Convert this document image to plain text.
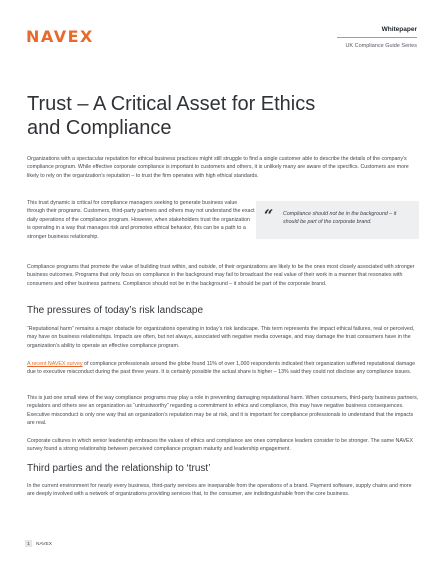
NAVEX	Whitepaper
UK Compliance Guide Series
Trust – A Critical Asset for Ethics and Compliance

Organizations with a spectacular reputation for ethical business practices might still struggle to find a single customer able to describe the details of the company’s compliance program. While effective corporate compliance is important to customers and others, it is unlikely many are aware of the specifics. Customers are more likely to rely on the organization’s reputation – to trust the firm operates with high ethical standards.

This trust dynamic is critical for compliance managers seeking to generate business value through their programs. Customers, third-party partners and others may not understand the exact daily operations of the compliance program. However, when stakeholders trust the organization is operating in a way that manages risk and promotes ethical behavior, this can be a path to a stronger business relationship.

“ Compliance should not be in the background – it should be part of the corporate brand.

Compliance programs that promote the value of building trust within, and outside, of their organizations are likely to be the ones most closely associated with stronger business outcomes. Programs that only focus on compliance in the background may fail to broadcast the real value of their work in a manner that resonates with consumers and other business partners. Compliance should not be in the background – it should be part of the corporate brand.

The pressures of today’s risk landscape

“Reputational harm” remains a major obstacle for organizations operating in today’s risk landscape. This term represents the impact ethical failures, real or perceived, may have on business relationships. Impacts are often, but not always, associated with negative media coverage, and may damage the trust consumers have in the organization’s ability to operate an effective compliance program.

A recent NAVEX survey of compliance professionals around the globe found 11% of over 1,000 respondents indicated their organization suffered reputational damage due to executive misconduct during the past three years. It is certainly possible the actual share is higher – 13% said they could not disclose any compliance issues.

This is just one small view of the way compliance programs may play a role in preventing damaging reputational harm. When consumers, third-party business partners, regulators and others see an organization as “untrustworthy” regarding a commitment to ethics and compliance, this may have negative business consequences. Executive misconduct is only one way that an organization’s reputation may be at risk, and it is important for compliance professionals to understand that the impacts are real.

Corporate cultures in which senior leadership embraces the values of ethics and compliance are ones compliance leaders consider to be stronger. The same NAVEX survey found a strong relationship between perceived compliance program maturity and leadership engagement.

Third parties and the relationship to ‘trust’

In the current environment for nearly every business, third-party services are inseparable from the operations of a brand. Payment software, supply chains and more are deeply involved with a network of organizations providing services that, to the consumer, are indistinguishable from the core business.

1 NAVEX
